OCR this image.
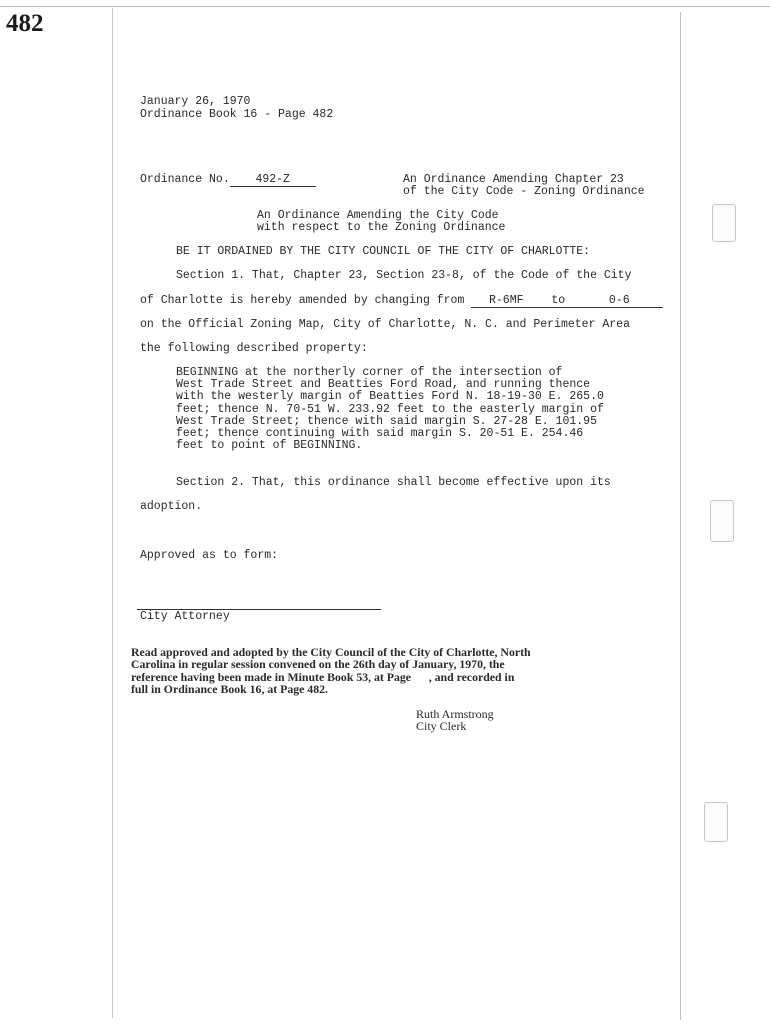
482
January 26, 1970
Ordinance Book 16 - Page 482
Ordinance No. 492-Z	An Ordinance Amending Chapter 23
of the City Code - Zoning Ordinance
An Ordinance Amending the City Code
with respect to the Zoning Ordinance
BE IT ORDAINED BY THE CITY COUNCIL OF THE CITY OF CHARLOTTE:
Section 1. That, Chapter 23, Section 23-8, of the Code of the City
of Charlotte is hereby amended by changing from R-6MF to	0-6
on the Official Zoning Map, City of Charlotte, N. C. and Perimeter Area
the following described property:
BEGINNING at the northerly corner of the intersection of
West Trade Street and Beatties Ford Road, and running thence
with the westerly margin of Beatties Ford N. 18-19-30 E. 265.0
feet; thence N. 70-51 W. 233.92 feet to the easterly margin of
West Trade Street; thence with said margin S. 27-28 E. 101.95
feet; thence continuing with said margin S. 20-51 E. 254.46
feet to point of BEGINNING.
Section 2. That, this ordinance shall become effective upon its
adoption.
Approved as to form:
City Attorney
Read approved and adopted by the City Council of the City of Charlotte, North
Carolina in regular session convened on the 26th day of January, 1970, the
reference having been made in Minute Book 53, at Page      , and recorded in
full in Ordinance Book 16, at Page 482.
Ruth Armstrong
City Clerk
